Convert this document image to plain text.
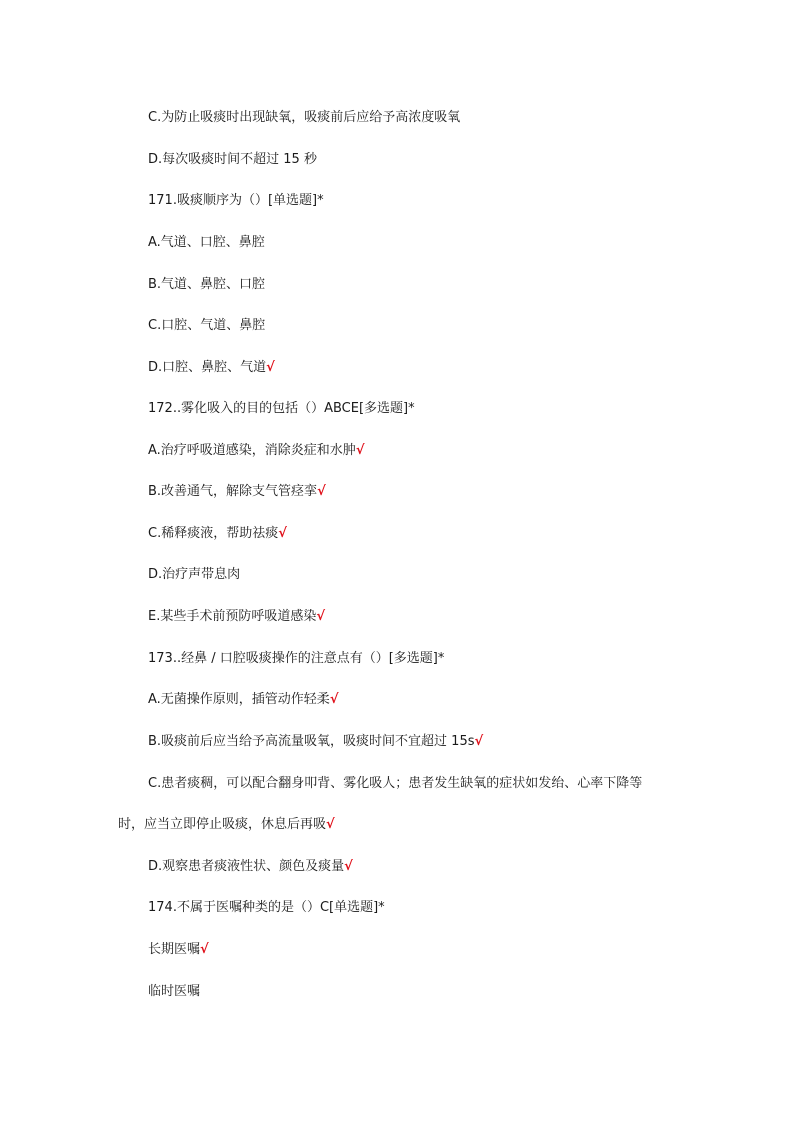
C.为防止吸痰时出现缺氧，吸痰前后应给予高浓度吸氧
D.每次吸痰时间不超过 15 秒
171.吸痰顺序为（）[单选题]*
A.气道、口腔、鼻腔
B.气道、鼻腔、口腔
C.口腔、气道、鼻腔
D.口腔、鼻腔、气道√
172..雾化吸入的目的包括（）ABCE[多选题]*
A.治疗呼吸道感染，消除炎症和水肿√
B.改善通气，解除支气管痉挛√
C.稀释痰液，帮助祛痰√
D.治疗声带息肉
E.某些手术前预防呼吸道感染√
173..经鼻 / 口腔吸痰操作的注意点有（）[多选题]*
A.无菌操作原则，插管动作轻柔√
B.吸痰前后应当给予高流量吸氧，吸痰时间不宜超过 15s√
C.患者痰稠，可以配合翻身叩背、雾化吸人；患者发生缺氧的症状如发绐、心率下降等
时，应当立即停止吸痰，休息后再吸√
D.观察患者痰液性状、颜色及痰量√
174.不属于医嘱种类的是（）C[单选题]*
长期医嘱√
临时医嘱
